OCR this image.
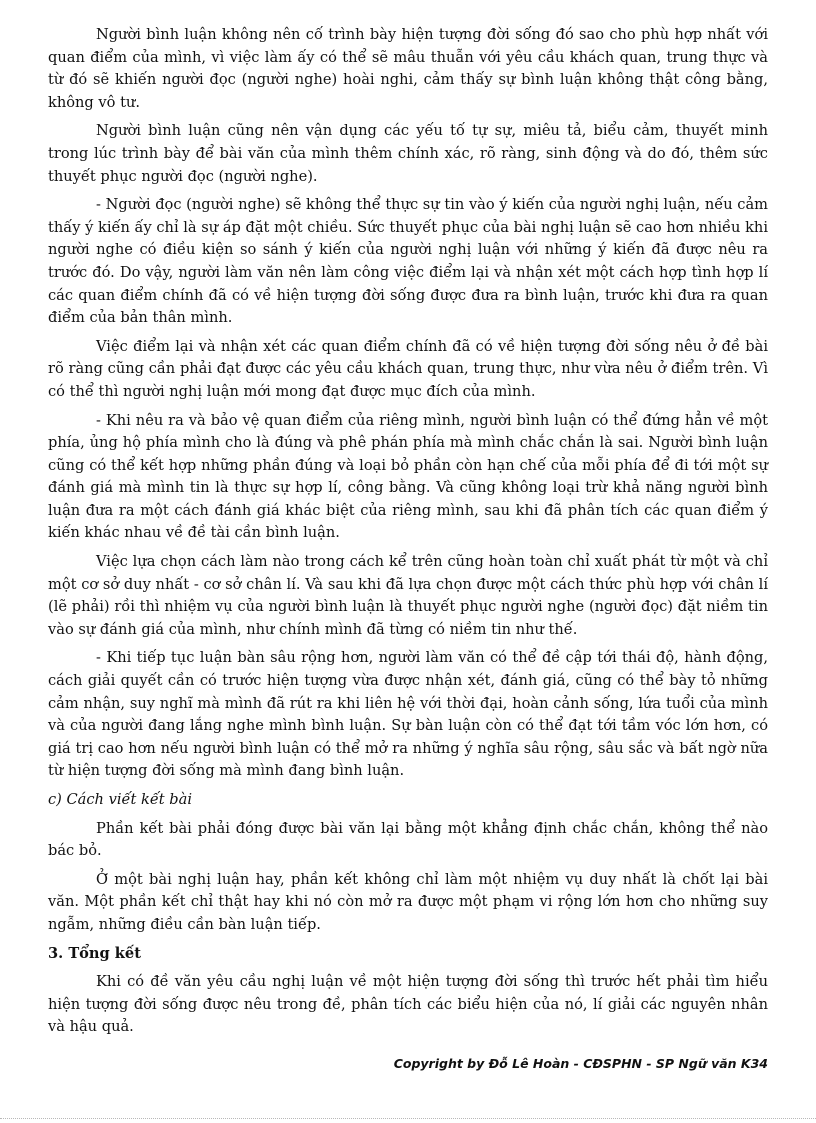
Người bình luận không nên cố trình bày hiện tượng đời sống đó sao cho phù hợp nhất với quan điểm của mình, vì việc làm ấy có thể sẽ mâu thuẫn với yêu cầu khách quan, trung thực và từ đó sẽ khiến người đọc (người nghe) hoài nghi, cảm thấy sự bình luận không thật công bằng, không vô tư.

Người bình luận cũng nên vận dụng các yếu tố tự sự, miêu tả, biểu cảm, thuyết minh trong lúc trình bày để bài văn của mình thêm chính xác, rõ ràng, sinh động và do đó, thêm sức thuyết phục người đọc (người nghe).

- Người đọc (người nghe) sẽ không thể thực sự tin vào ý kiến của người nghị luận, nếu cảm thấy ý kiến ấy chỉ là sự áp đặt một chiều. Sức thuyết phục của bài nghị luận sẽ cao hơn nhiều khi người nghe có điều kiện so sánh ý kiến của người nghị luận với những ý kiến đã được nêu ra trước đó. Do vậy, người làm văn nên làm công việc điểm lại và nhận xét một cách hợp tình hợp lí các quan điểm chính đã có về hiện tượng đời sống được đưa ra bình luận, trước khi đưa ra quan điểm của bản thân mình.

Việc điểm lại và nhận xét các quan điểm chính đã có về hiện tượng đời sống nêu ở đề bài rõ ràng cũng cần phải đạt được các yêu cầu khách quan, trung thực, như vừa nêu ở điểm trên. Vì có thể thì người nghị luận mới mong đạt được mục đích của mình.

- Khi nêu ra và bảo vệ quan điểm của riêng mình, người bình luận có thể đứng hẳn về một phía, ủng hộ phía mình cho là đúng và phê phán phía mà mình chắc chắn là sai. Người bình luận cũng có thể kết hợp những phần đúng và loại bỏ phần còn hạn chế của mỗi phía để đi tới một sự đánh giá mà mình tin là thực sự hợp lí, công bằng. Và cũng không loại trừ khả năng người bình luận đưa ra một cách đánh giá khác biệt của riêng mình, sau khi đã phân tích các quan điểm ý kiến khác nhau về đề tài cần bình luận.

Việc lựa chọn cách làm nào trong cách kể trên cũng hoàn toàn chỉ xuất phát từ một và chỉ một cơ sở duy nhất - cơ sở chân lí. Và sau khi đã lựa chọn được một cách thức phù hợp với chân lí (lẽ phải) rồi thì nhiệm vụ của người bình luận là thuyết phục người nghe (người đọc) đặt niềm tin vào sự đánh giá của mình, như chính mình đã từng có niềm tin như thế.

- Khi tiếp tục luận bàn sâu rộng hơn, người làm văn có thể đề cập tới thái độ, hành động, cách giải quyết cần có trước hiện tượng vừa được nhận xét, đánh giá, cũng có thể bày tỏ những cảm nhận, suy nghĩ mà mình đã rút ra khi liên hệ với thời đại, hoàn cảnh sống, lứa tuổi của mình và của người đang lắng nghe mình bình luận. Sự bàn luận còn có thể đạt tới tầm vóc lớn hơn, có giá trị cao hơn nếu người bình luận có thể mở ra những ý nghĩa sâu rộng, sâu sắc và bất ngờ nữa từ hiện tượng đời sống mà mình đang bình luận.

c) Cách viết kết bài

Phần kết bài phải đóng được bài văn lại bằng một khẳng định chắc chắn, không thể nào bác bỏ.

Ở một bài nghị luận hay, phần kết không chỉ làm một nhiệm vụ duy nhất là chốt lại bài văn. Một phần kết chỉ thật hay khi nó còn mở ra được một phạm vi rộng lớn hơn cho những suy ngẫm, những điều cần bàn luận tiếp.

3. Tổng kết

Khi có đề văn yêu cầu nghị luận về một hiện tượng đời sống thì trước hết phải tìm hiểu hiện tượng đời sống được nêu trong đề, phân tích các biểu hiện của nó, lí giải các nguyên nhân và hậu quả.

Copyright by Đỗ Lê Hoàn - CĐSPHN - SP Ngữ văn K34
